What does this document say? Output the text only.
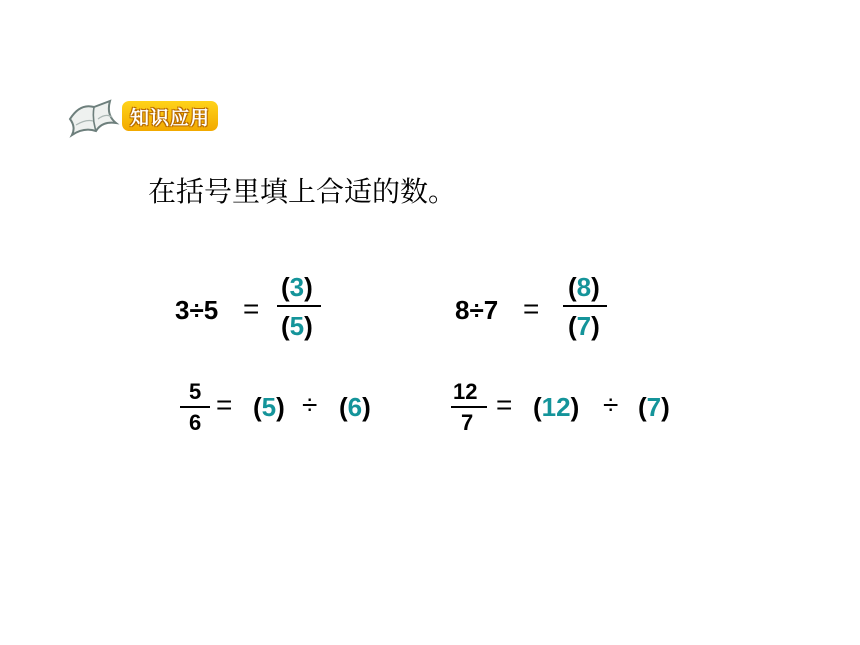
知识应用
在括号里填上合适的数。
3÷5 =
(3)
(5)
8÷7 =
(8)
(7)
5
6
= (5) ÷ (6)
12
7
= (12) ÷ (7)
